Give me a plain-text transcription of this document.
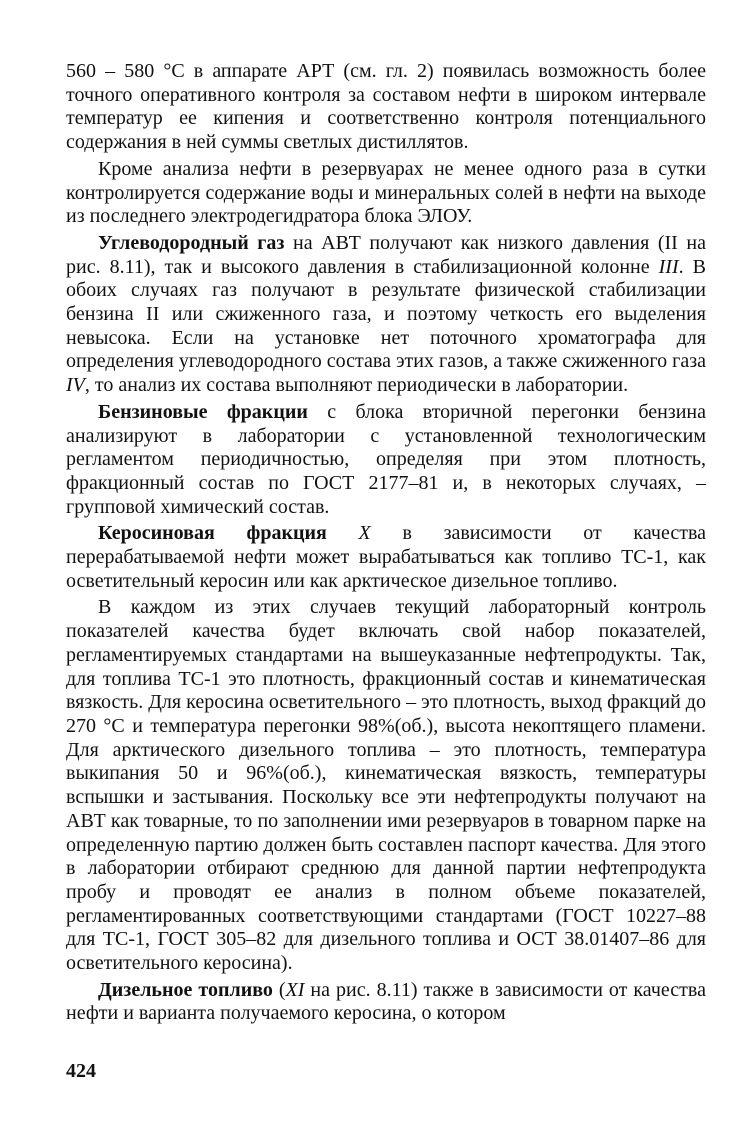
560 – 580 °С в аппарате АРТ (см. гл. 2) появилась возможность более точного оперативного контроля за составом нефти в широком интервале температур ее кипения и соответственно контроля потенциального содержания в ней суммы светлых дистиллятов.

Кроме анализа нефти в резервуарах не менее одного раза в сутки контролируется содержание воды и минеральных солей в нефти на выходе из последнего электродегидратора блока ЭЛОУ.

Углеводородный газ на АВТ получают как низкого давления (II на рис. 8.11), так и высокого давления в стабилизационной колонне III. В обоих случаях газ получают в результате физической стабилизации бензина II или сжиженного газа, и поэтому четкость его выделения невысока. Если на установке нет поточного хроматографа для определения углеводородного состава этих газов, а также сжиженного газа IV, то анализ их состава выполняют периодически в лаборатории.

Бензиновые фракции с блока вторичной перегонки бензина анализируют в лаборатории с установленной технологическим регламентом периодичностью, определяя при этом плотность, фракционный состав по ГОСТ 2177–81 и, в некоторых случаях, – групповой химический состав.

Керосиновая фракция X в зависимости от качества перерабатываемой нефти может вырабатываться как топливо ТС-1, как осветительный керосин или как арктическое дизельное топливо.

В каждом из этих случаев текущий лабораторный контроль показателей качества будет включать свой набор показателей, регламентируемых стандартами на вышеуказанные нефтепродукты. Так, для топлива ТС-1 это плотность, фракционный состав и кинематическая вязкость. Для керосина осветительного – это плотность, выход фракций до 270 °С и температура перегонки 98%(об.), высота некоптящего пламени. Для арктического дизельного топлива – это плотность, температура выкипания 50 и 96%(об.), кинематическая вязкость, температуры вспышки и застывания. Поскольку все эти нефтепродукты получают на АВТ как товарные, то по заполнении ими резервуаров в товарном парке на определенную партию должен быть составлен паспорт качества. Для этого в лаборатории отбирают среднюю для данной партии нефтепродукта пробу и проводят ее анализ в полном объеме показателей, регламентированных соответствующими стандартами (ГОСТ 10227–88 для ТС-1, ГОСТ 305–82 для дизельного топлива и ОСТ 38.01407–86 для осветительного керосина).

Дизельное топливо (XI на рис. 8.11) также в зависимости от качества нефти и варианта получаемого керосина, о котором

424
